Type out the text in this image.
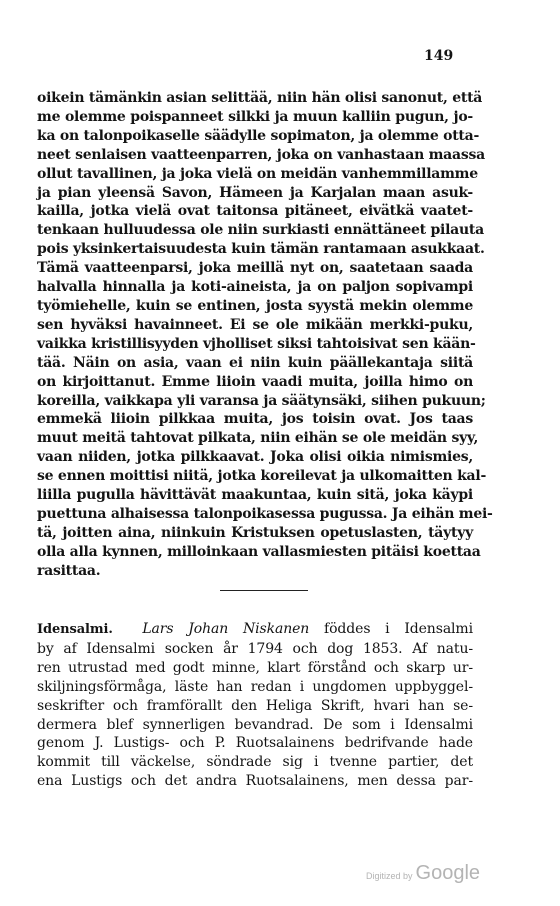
149
oikein tämänkin asian selittää, niin hän olisi sanonut, että
me olemme poispanneet silkki ja muun kalliin pugun, jo-
ka on talonpoikaselle säädylle sopimaton, ja olemme otta-
neet senlaisen vaatteenparren, joka on vanhastaan maassa
ollut tavallinen, ja joka vielä on meidän vanhemmillamme
ja pian yleensä Savon, Hämeen ja Karjalan maan asuk-
kailla, jotka vielä ovat taitonsa pitäneet, eivätkä vaatet-
tenkaan hulluudessa ole niin surkiasti ennättäneet pilauta
pois yksinkertaisuudesta kuin tämän rantamaan asukkaat.
Tämä vaatteenparsi, joka meillä nyt on, saatetaan saada
halvalla hinnalla ja koti-aineista, ja on paljon sopivampi
työmiehelle, kuin se entinen, josta syystä mekin olemme
sen hyväksi havainneet. Ei se ole mikään merkki-puku,
vaikka kristillisyyden vjholliset siksi tahtoisivat sen kään-
tää. Näin on asia, vaan ei niin kuin päällekantaja siitä
on kirjoittanut. Emme liioin vaadi muita, joilla himo on
koreilla, vaikkapa yli varansa ja säätynsäki, siihen pukuun;
emmekä liioin pilkkaa muita, jos toisin ovat. Jos taas
muut meitä tahtovat pilkata, niin eihän se ole meidän syy,
vaan niiden, jotka pilkkaavat. Joka olisi oikia nimismies,
se ennen moittisi niitä, jotka koreilevat ja ulkomaitten kal-
liilla pugulla hävittävät maakuntaa, kuin sitä, joka käypi
puettuna alhaisessa talonpoikasessa pugussa. Ja eihän mei-
tä, joitten aina, niinkuin Kristuksen opetuslasten, täytyy
olla alla kynnen, milloinkaan vallasmiesten pitäisi koettaa
rasittaa.
Idensalmi. Lars Johan Niskanen föddes i Idensalmi
by af Idensalmi socken år 1794 och dog 1853. Af natu-
ren utrustad med godt minne, klart förstånd och skarp ur-
skiljningsförmåga, läste han redan i ungdomen uppbyggel-
seskrifter och framförallt den Heliga Skrift, hvari han se-
dermera blef synnerligen bevandrad. De som i Idensalmi
genom J. Lustigs- och P. Ruotsalainens bedrifvande hade
kommit till väckelse, söndrade sig i tvenne partier, det
ena Lustigs och det andra Ruotsalainens, men dessa par-
Digitized by Google
